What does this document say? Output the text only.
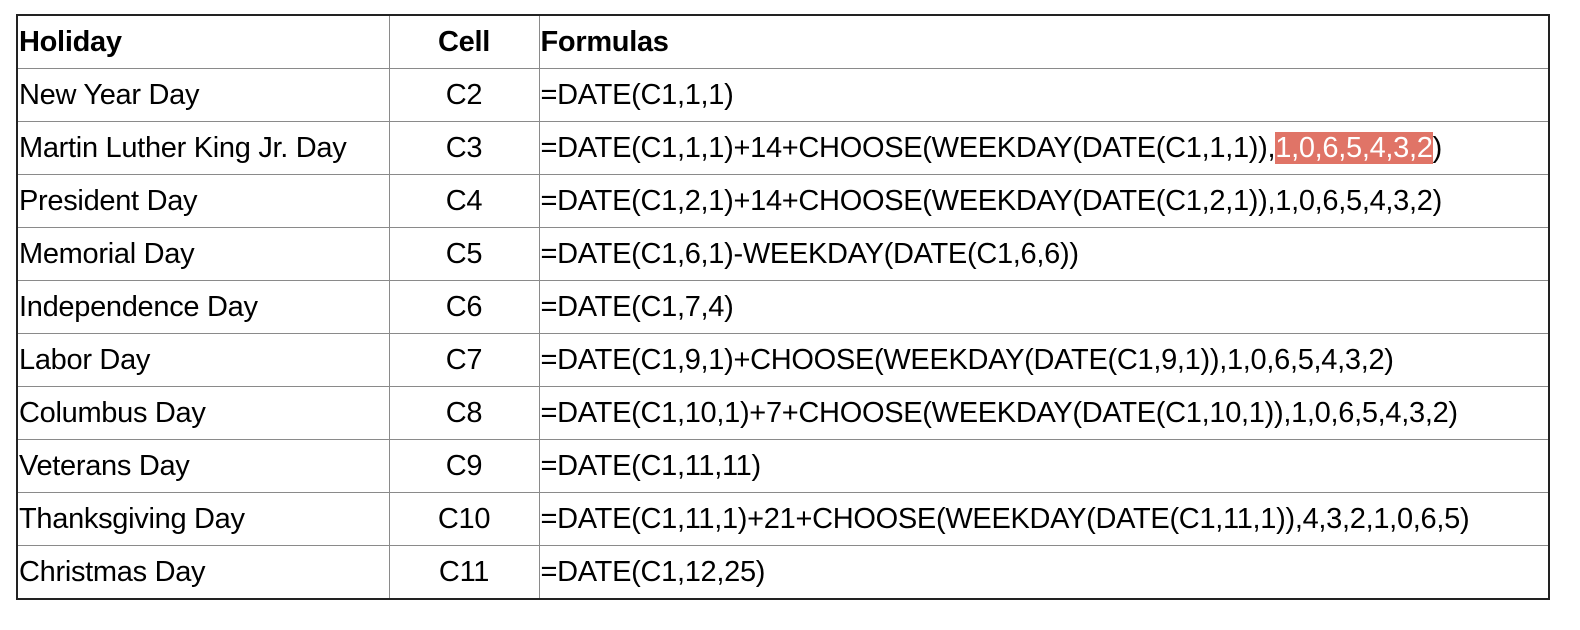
Holiday	Cell	Formulas
New Year Day	C2	=DATE(C1,1,1)
Martin Luther King Jr. Day	C3	=DATE(C1,1,1)+14+CHOOSE(WEEKDAY(DATE(C1,1,1)),1,0,6,5,4,3,2)
President Day	C4	=DATE(C1,2,1)+14+CHOOSE(WEEKDAY(DATE(C1,2,1)),1,0,6,5,4,3,2)
Memorial Day	C5	=DATE(C1,6,1)-WEEKDAY(DATE(C1,6,6))
Independence Day	C6	=DATE(C1,7,4)
Labor Day	C7	=DATE(C1,9,1)+CHOOSE(WEEKDAY(DATE(C1,9,1)),1,0,6,5,4,3,2)
Columbus Day	C8	=DATE(C1,10,1)+7+CHOOSE(WEEKDAY(DATE(C1,10,1)),1,0,6,5,4,3,2)
Veterans Day	C9	=DATE(C1,11,11)
Thanksgiving Day	C10	=DATE(C1,11,1)+21+CHOOSE(WEEKDAY(DATE(C1,11,1)),4,3,2,1,0,6,5)
Christmas Day	C11	=DATE(C1,12,25)
